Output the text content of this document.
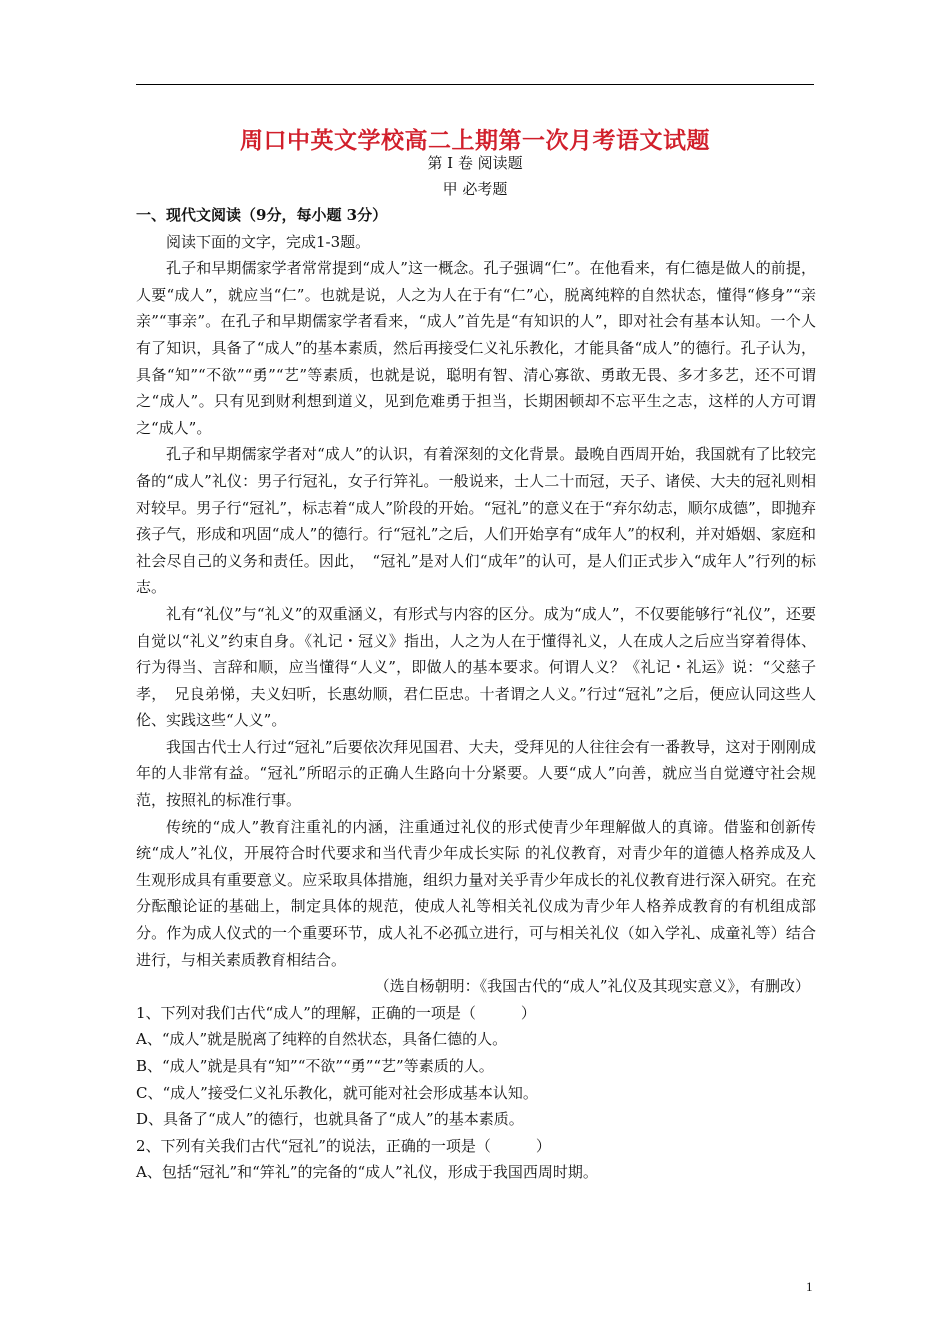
周口中英文学校高二上期第一次月考语文试题
第 I 卷 阅读题
甲 必考题

一、现代文阅读（9分，每小题 3分）

阅读下面的文字，完成1-3题。

孔子和早期儒家学者常常提到“成人”这一概念。孔子强调“仁”。在他看来，有仁德是做人的前提，人要“成人”，就应当“仁”。也就是说，人之为人在于有“仁”心，脱离纯粹的自然状态，懂得“修身”“亲亲”“事亲”。在孔子和早期儒家学者看来，“成人”首先是“有知识的人”，即对社会有基本认知。一个人有了知识，具备了“成人”的基本素质，然后再接受仁义礼乐教化，才能具备“成人”的德行。孔子认为，具备“知”“不欲”“勇”“艺”等素质，也就是说，聪明有智、清心寡欲、勇敢无畏、多才多艺，还不可谓之“成人”。只有见到财利想到道义，见到危难勇于担当，长期困顿却不忘平生之志，这样的人方可谓之“成人”。

孔子和早期儒家学者对“成人”的认识，有着深刻的文化背景。最晚自西周开始，我国就有了比较完备的“成人”礼仪：男子行冠礼，女子行笄礼。一般说来，士人二十而冠，天子、诸侯、大夫的冠礼则相对较早。男子行“冠礼”，标志着“成人”阶段的开始。“冠礼”的意义在于“弃尔幼志，顺尔成德”，即抛弃孩子气，形成和巩固“成人”的德行。行“冠礼”之后，人们开始享有“成年人”的权利，并对婚姻、家庭和社会尽自己的义务和责任。因此，　“冠礼”是对人们“成年”的认可，是人们正式步入“成年人”行列的标志。

礼有“礼仪”与“礼义”的双重涵义，有形式与内容的区分。成为“成人”，不仅要能够行“礼仪”，还要自觉以“礼义”约束自身。《礼记・冠义》指出，人之为人在于懂得礼义，人在成人之后应当穿着得体、行为得当、言辞和顺，应当懂得“人义”，即做人的基本要求。何谓人义？《礼记・礼运》说：“父慈子孝，　兄良弟悌，夫义妇听，长惠幼顺，君仁臣忠。十者谓之人义。”行过“冠礼”之后，便应认同这些人伦、实践这些“人义”。

我国古代士人行过“冠礼”后要依次拜见国君、大夫，受拜见的人往往会有一番教导，这对于刚刚成年的人非常有益。“冠礼”所昭示的正确人生路向十分紧要。人要“成人”向善，就应当自觉遵守社会规范，按照礼的标准行事。

传统的“成人”教育注重礼的内涵，注重通过礼仪的形式使青少年理解做人的真谛。借鉴和创新传统“成人”礼仪，开展符合时代要求和当代青少年成长实际 的礼仪教育，对青少年的道德人格养成及人生观形成具有重要意义。应采取具体措施，组织力量对关乎青少年成长的礼仪教育进行深入研究。在充分酝酿论证的基础上，制定具体的规范，使成人礼等相关礼仪成为青少年人格养成教育的有机组成部分。作为成人仪式的一个重要环节，成人礼不必孤立进行，可与相关礼仪（如入学礼、成童礼等）结合进行，与相关素质教育相结合。

（选自杨朝明：《我国古代的“成人”礼仪及其现实意义》，有删改）

1、下列对我们古代“成人”的理解，正确的一项是（　　　）

A、“成人”就是脱离了纯粹的自然状态，具备仁德的人。

B、“成人”就是具有“知”“不欲”“勇”“艺”等素质的人。

C、“成人”接受仁义礼乐教化，就可能对社会形成基本认知。

D、具备了“成人”的德行，也就具备了“成人”的基本素质。

2、下列有关我们古代“冠礼”的说法，正确的一项是（　　　）

A、包括“冠礼”和“笄礼”的完备的“成人”礼仪，形成于我国西周时期。

1
